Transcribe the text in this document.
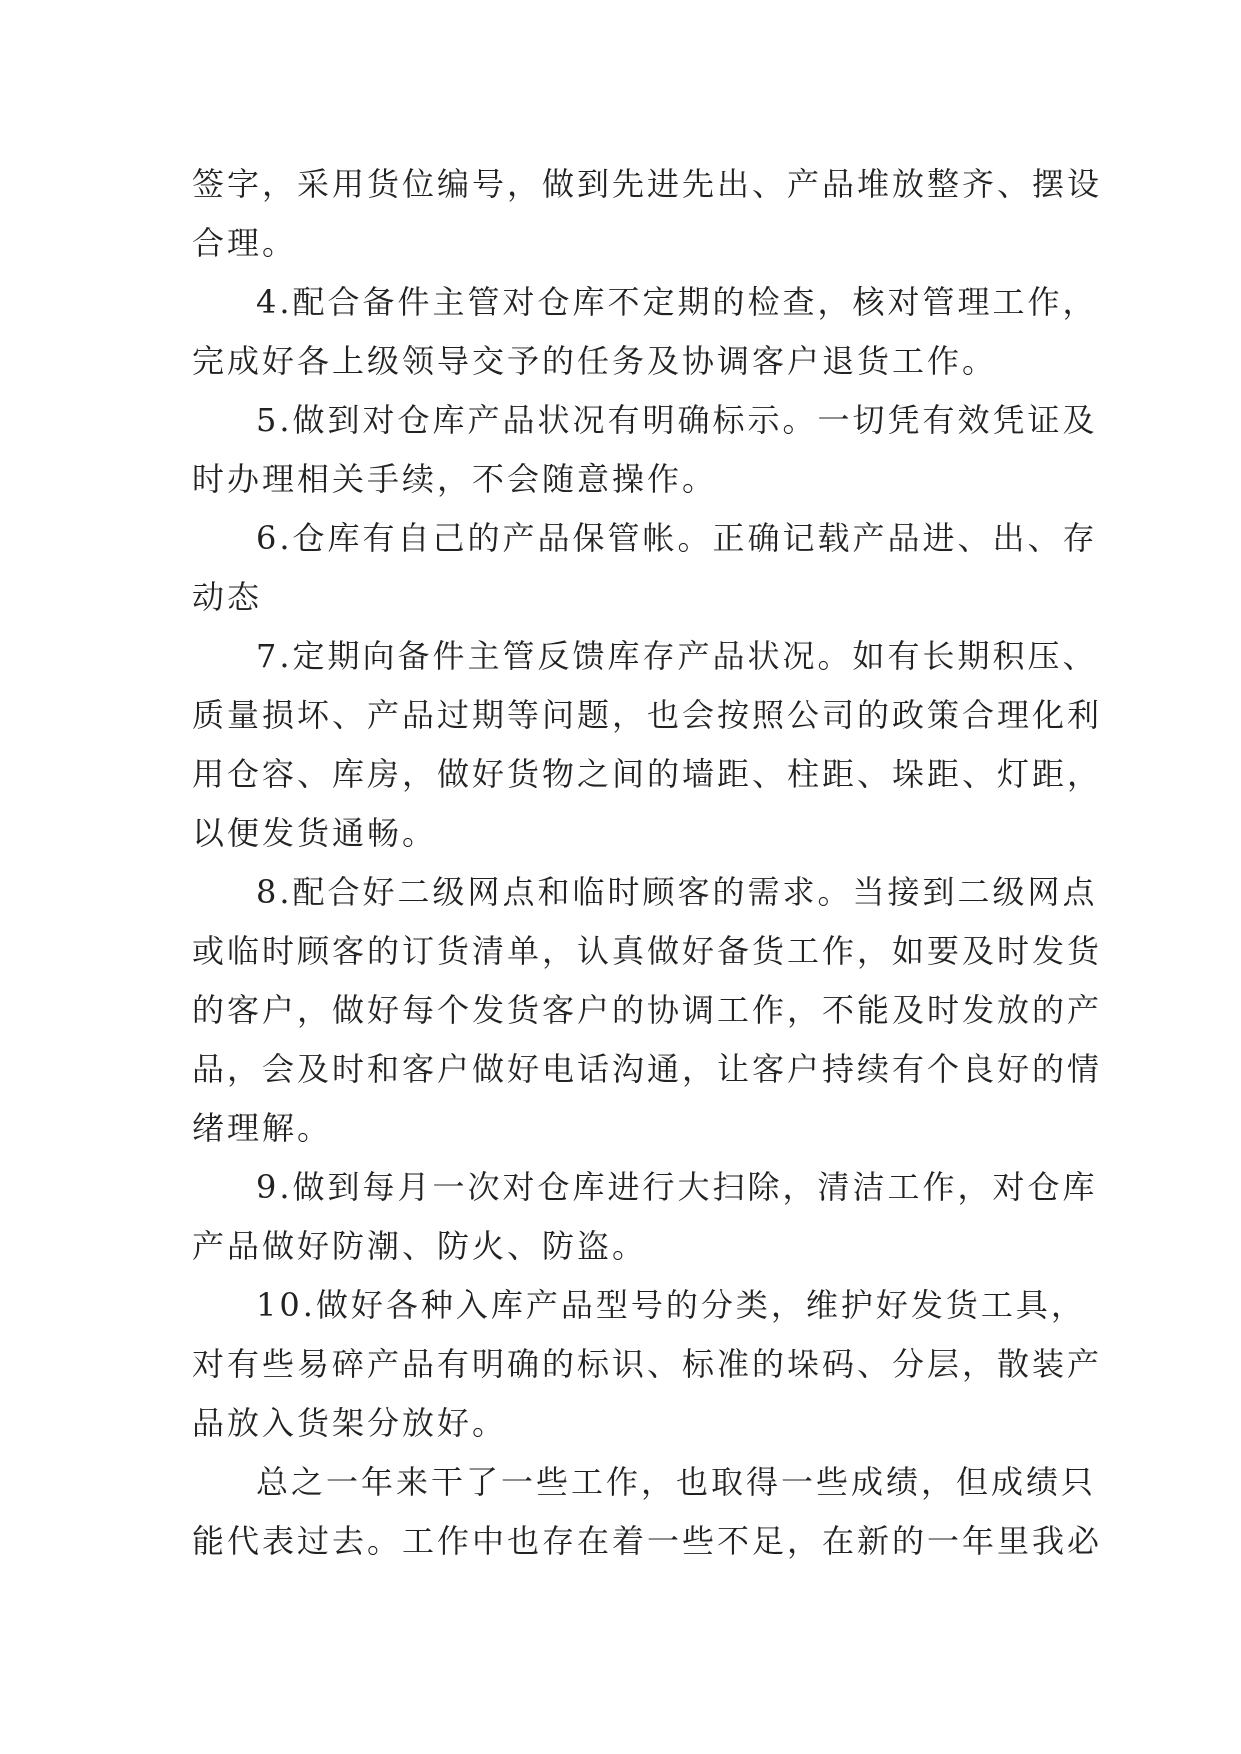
签字，采用货位编号，做到先进先出、产品堆放整齐、摆设

合理。

4.配合备件主管对仓库不定期的检查，核对管理工作，

完成好各上级领导交予的任务及协调客户退货工作。

5.做到对仓库产品状况有明确标示。一切凭有效凭证及

时办理相关手续，不会随意操作。

6.仓库有自己的产品保管帐。正确记载产品进、出、存

动态

7.定期向备件主管反馈库存产品状况。如有长期积压、

质量损坏、产品过期等问题，也会按照公司的政策合理化利

用仓容、库房，做好货物之间的墙距、柱距、垛距、灯距，

以便发货通畅。

8.配合好二级网点和临时顾客的需求。当接到二级网点

或临时顾客的订货清单，认真做好备货工作，如要及时发货

的客户，做好每个发货客户的协调工作，不能及时发放的产

品，会及时和客户做好电话沟通，让客户持续有个良好的情

绪理解。

9.做到每月一次对仓库进行大扫除，清洁工作，对仓库

产品做好防潮、防火、防盗。

10.做好各种入库产品型号的分类，维护好发货工具，

对有些易碎产品有明确的标识、标准的垛码、分层，散装产

品放入货架分放好。

总之一年来干了一些工作，也取得一些成绩，但成绩只

能代表过去。工作中也存在着一些不足，在新的一年里我必
